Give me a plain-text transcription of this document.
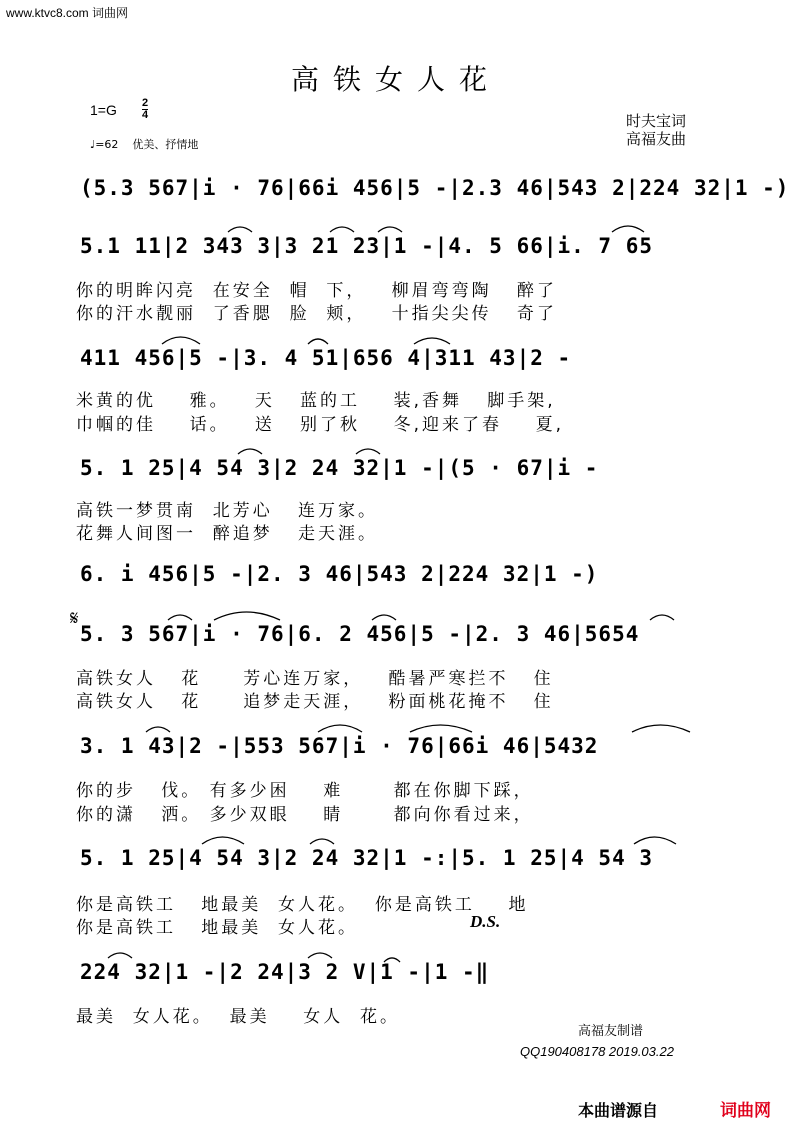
www.ktvc8.com 词曲网
高铁女人花
$1=G \frac{2}{4}$
♩=62    优美、抒情地
时夫宝词
高福友曲
(5.3 567|i · 76|66i 456|5 -|2.3 46|543 2|224 32|1 -)
5.1 11|2 343 3|3 21 23|1 -|4. 5 66|i. 7 65
你的明眸闪亮  在安全  帽  下，   柳眉弯弯陶   醉了
你的汗水靓丽  了香腮  脸  颊，   十指尖尖传   奇了
411 456|5 -|3. 4 51|656 4|311 43|2 -
米黄的优    雅。   天   蓝的工    装,香舞   脚手架,
巾帼的佳    话。   送   别了秋    冬,迎来了春    夏,
5. 1 25|4 54 3|2 24 32|1 -|(5 · 67|i -
高铁一梦贯南  北芳心   连万家。
花舞人间图一  醉追梦   走天涯。
6. i 456|5 -|2. 3 46|543 2|224 32|1 -)
𝄋
5. 3 567|i · 76|6. 2 456|5 -|2. 3 46|5654
高铁女人   花     芳心连万家，   酷暑严寒拦不   住
高铁女人   花     追梦走天涯，   粉面桃花掩不   住
3. 1 43|2 -|553 567|i · 76|66i 46|5432
你的步   伐。 有多少困    难      都在你脚下踩，
你的潇   洒。 多少双眼    睛      都向你看过来，
5. 1 25|4 54 3|2 24 32|1 -:|5. 1 25|4 54 3
你是高铁工   地最美  女人花。  你是高铁工    地
你是高铁工   地最美  女人花。	D.S.
224 32|1 -|2 24|3 2 V|1 -|1 -‖
最美  女人花。  最美    女人  花。
高福友制谱
QQ190408178 2019.03.22
本曲谱源自	词曲网
